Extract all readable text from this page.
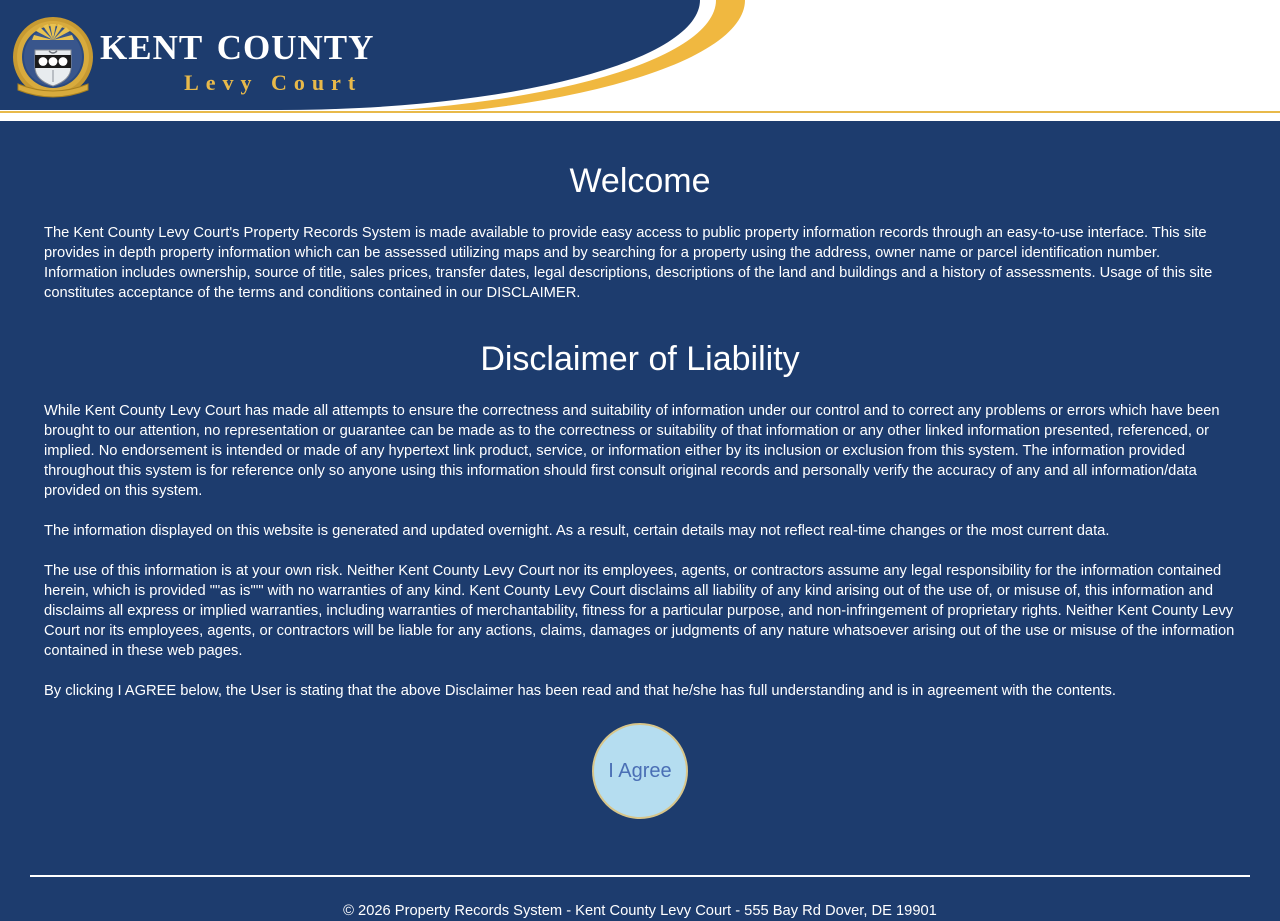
kent county
Levy Court
Welcome

The Kent County Levy Court's Property Records System is made available to provide easy access to public property information records through an easy-to-use interface. This site provides in depth property information which can be assessed utilizing maps and by searching for a property using the address, owner name or parcel identification number. Information includes ownership, source of title, sales prices, transfer dates, legal descriptions, descriptions of the land and buildings and a history of assessments. Usage of this site constitutes acceptance of the terms and conditions contained in our DISCLAIMER.

Disclaimer of Liability

While Kent County Levy Court has made all attempts to ensure the correctness and suitability of information under our control and to correct any problems or errors which have been brought to our attention, no representation or guarantee can be made as to the correctness or suitability of that information or any other linked information presented, referenced, or implied. No endorsement is intended or made of any hypertext link product, service, or information either by its inclusion or exclusion from this system. The information provided throughout this system is for reference only so anyone using this information should first consult original records and personally verify the accuracy of any and all information/data provided on this system.

The information displayed on this website is generated and updated overnight. As a result, certain details may not reflect real-time changes or the most current data.

The use of this information is at your own risk. Neither Kent County Levy Court nor its employees, agents, or contractors assume any legal responsibility for the information contained herein, which is provided ""as is'"" with no warranties of any kind. Kent County Levy Court disclaims all liability of any kind arising out of the use of, or misuse of, this information and disclaims all express or implied warranties, including warranties of merchantability, fitness for a particular purpose, and non-infringement of proprietary rights. Neither Kent County Levy Court nor its employees, agents, or contractors will be liable for any actions, claims, damages or judgments of any nature whatsoever arising out of the use or misuse of the information contained in these web pages.

By clicking I AGREE below, the User is stating that the above Disclaimer has been read and that he/she has full understanding and is in agreement with the contents.

I Agree

© 2026 Property Records System - Kent County Levy Court - 555 Bay Rd Dover, DE 19901
